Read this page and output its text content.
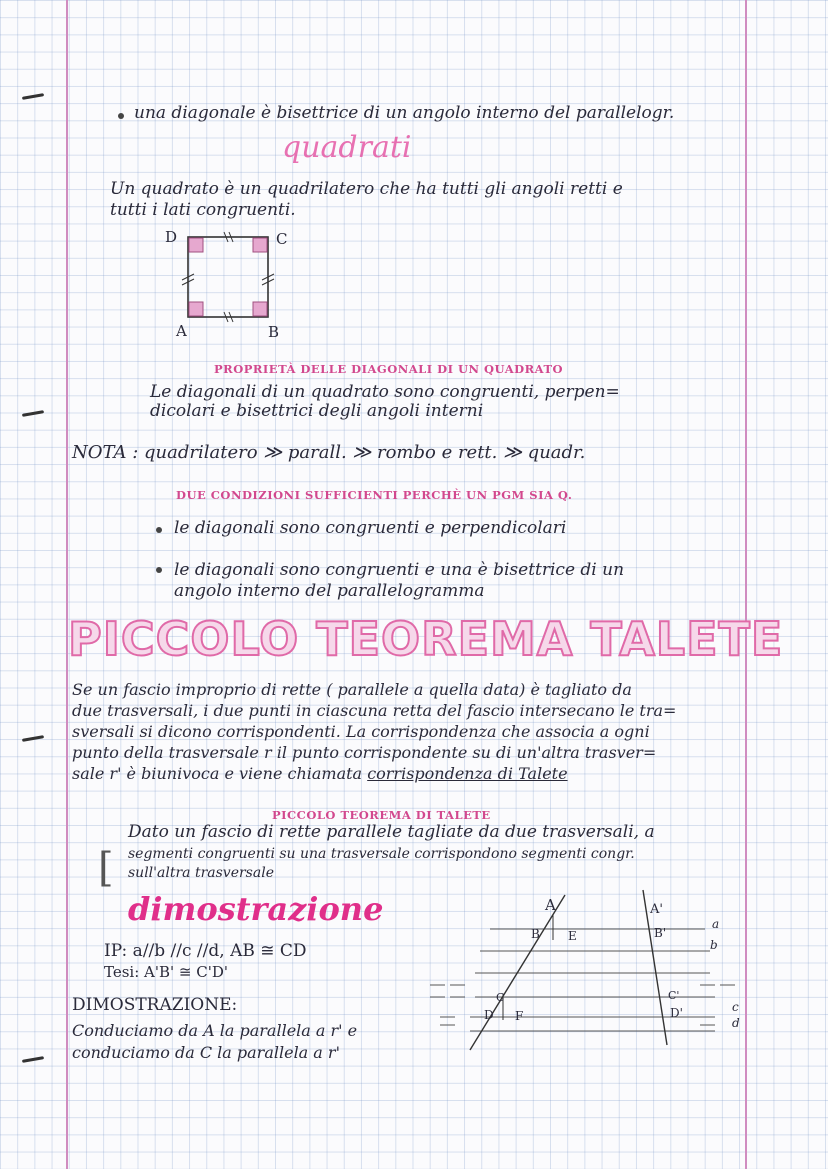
una diagonale è bisettrice di un angolo interno del parallelogr.
quadrati
Un quadrato è un quadrilatero che ha tutti gli angoli retti e
tutti i lati congruenti.
D	C
A	B
PROPRIETÀ DELLE DIAGONALI DI UN QUADRATO
Le diagonali di un quadrato sono congruenti, perpen=
dicolari e bisettrici degli angoli interni
NOTA : quadrilatero ≫ parall. ≫ rombo e rett. ≫ quadr.
DUE CONDIZIONI SUFFICIENTI PERCHÈ UN PGM SIA Q.
le diagonali sono congruenti e perpendicolari
le diagonali sono congruenti e una è bisettrice di un
angolo interno del parallelogramma
PICCOLO TEOREMA TALETE
Se un fascio improprio di rette ( parallele a quella data) è tagliato da
due trasversali, i due punti in ciascuna retta del fascio intersecano le tra=
sversali si dicono corrispondenti. La corrispondenza che associa a ogni
punto della trasversale r il punto corrispondente su di un'altra trasver=
sale r' è biunivoca e viene chiamata corrispondenza di Talete
PICCOLO TEOREMA DI TALETE
Dato un fascio di rette parallele tagliate da due trasversali, a
segmenti congruenti su una trasversale corrispondono segmenti congr.
sull'altra trasversale
[
dimostrazione
IP: a//b //c //d, AB ≅ CD
Tesi: A'B' ≅ C'D'
DIMOSTRAZIONE:
Conduciamo da A la parallela a r' e
conduciamo da C la parallela a r'
A
B E
D F
C
A'
B'
C'
D'
a
b
c
d
